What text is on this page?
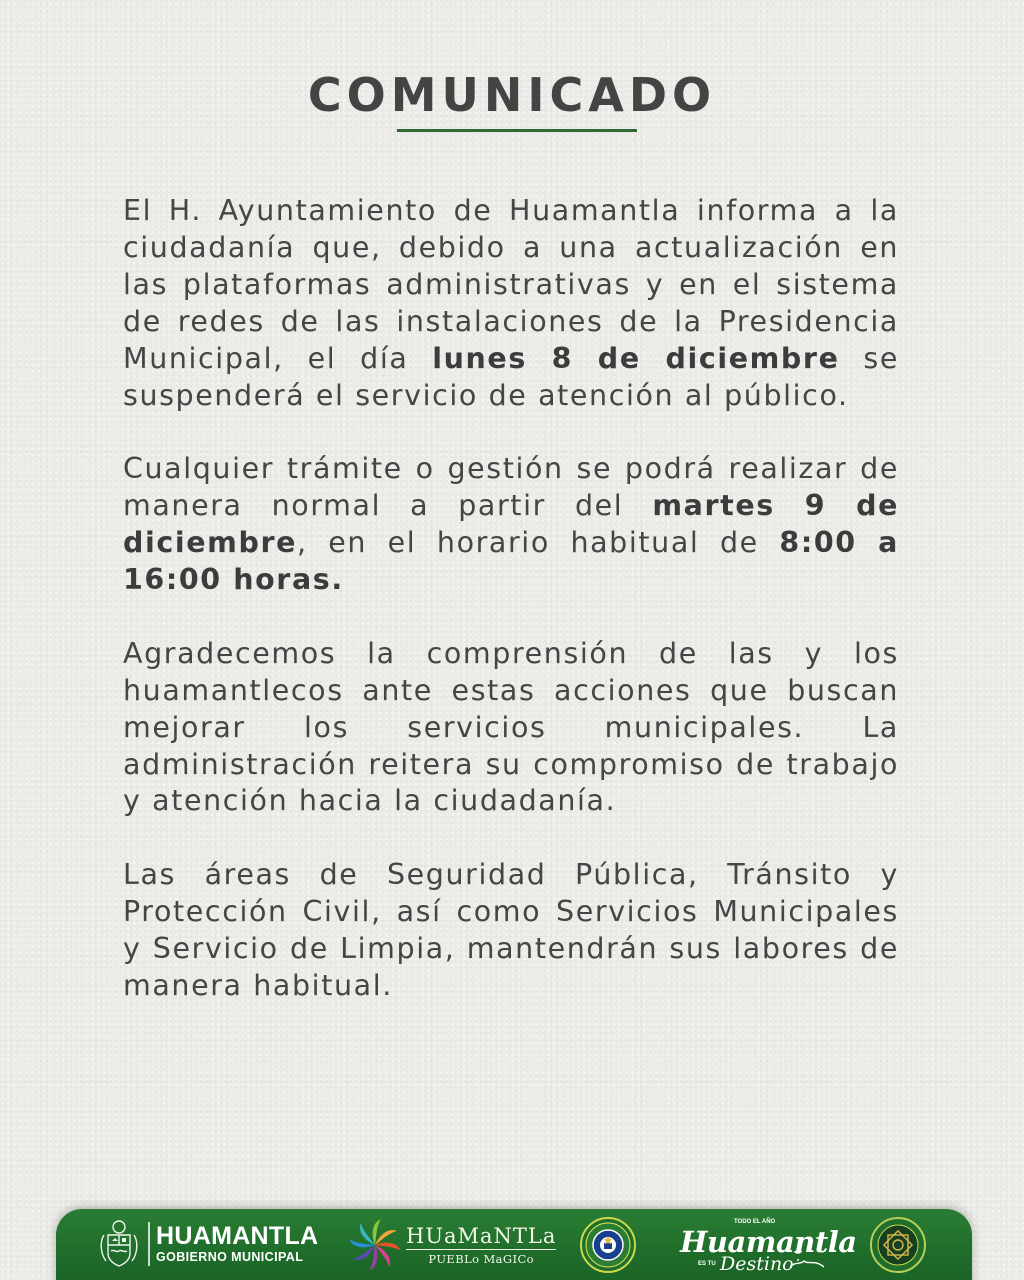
COMUNICADO

El H. Ayuntamiento de Huamantla informa a la ciudadanía que, debido a una actualización en las plataformas administrativas y en el sistema de redes de las instalaciones de la Presidencia Municipal, el día lunes 8 de diciembre se suspenderá el servicio de atención al público.

Cualquier trámite o gestión se podrá realizar de manera normal a partir del martes 9 de diciembre, en el horario habitual de 8:00 a 16:00 horas.

Agradecemos la comprensión de las y los huamantlecos ante estas acciones que buscan mejorar los servicios municipales. La administración reitera su compromiso de trabajo y atención hacia la ciudadanía.

Las áreas de Seguridad Pública, Tránsito y Protección Civil, así como Servicios Municipales y Servicio de Limpia, mantendrán sus labores de manera habitual.

HUAMANTLA
GOBIERNO MUNICIPAL
HUaMaNTLa
PUEBLo MaGICo
TODO EL AÑO
Huamantla
ES TU Destino
